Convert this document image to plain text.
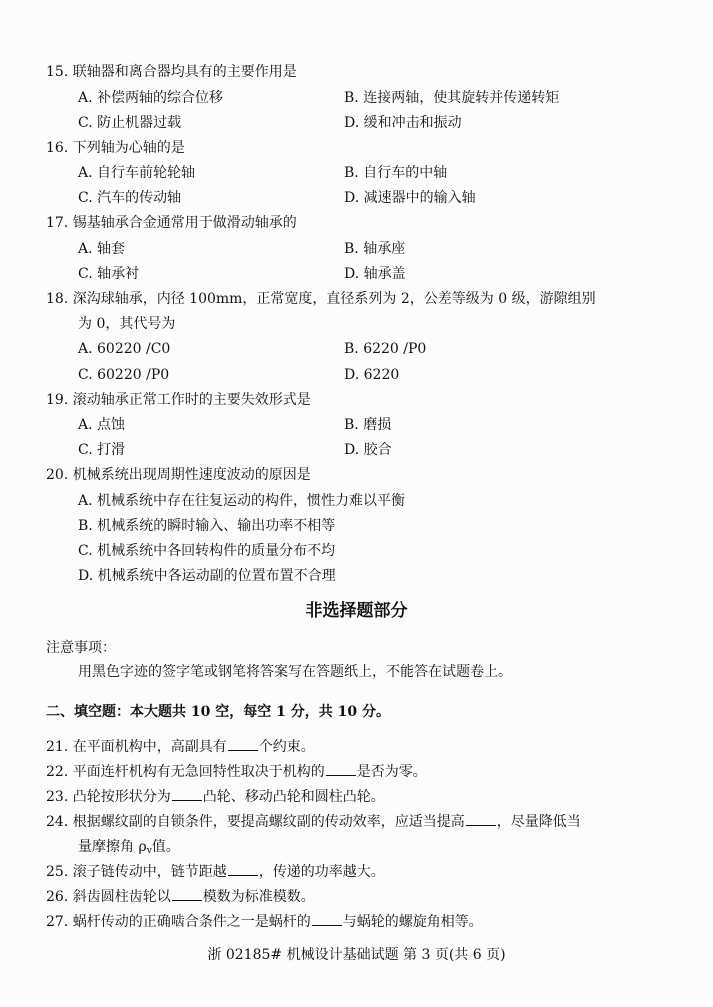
15. 联轴器和离合器均具有的主要作用是
A. 补偿两轴的综合位移	B. 连接两轴，使其旋转并传递转矩
C. 防止机器过载	D. 缓和冲击和振动
16. 下列轴为心轴的是
A. 自行车前轮轮轴	B. 自行车的中轴
C. 汽车的传动轴	D. 减速器中的输入轴
17. 锡基轴承合金通常用于做滑动轴承的
A. 轴套	B. 轴承座
C. 轴承衬	D. 轴承盖
18. 深沟球轴承，内径 100mm，正常宽度，直径系列为 2，公差等级为 0 级，游隙组别
为 0，其代号为
A. 60220 /C0	B. 6220 /P0
C. 60220 /P0	D. 6220
19. 滚动轴承正常工作时的主要失效形式是
A. 点蚀	B. 磨损
C. 打滑	D. 胶合
20. 机械系统出现周期性速度波动的原因是
A. 机械系统中存在往复运动的构件，惯性力难以平衡
B. 机械系统的瞬时输入、输出功率不相等
C. 机械系统中各回转构件的质量分布不均
D. 机械系统中各运动副的位置布置不合理
非选择题部分
注意事项：
用黑色字迹的签字笔或钢笔将答案写在答题纸上，不能答在试题卷上。
二、填空题：本大题共 10 空，每空 1 分，共 10 分。
21. 在平面机构中，高副具有 个约束。
22. 平面连杆机构有无急回特性取决于机构的 是否为零。
23. 凸轮按形状分为 凸轮、移动凸轮和圆柱凸轮。
24. 根据螺纹副的自锁条件，要提高螺纹副的传动效率，应适当提高 ，尽量降低当
量摩擦角 $\rho_v$值。
25. 滚子链传动中，链节距越 ，传递的功率越大。
26. 斜齿圆柱齿轮以 模数为标准模数。
27. 蜗杆传动的正确啮合条件之一是蜗杆的 与蜗轮的螺旋角相等。
浙 02185# 机械设计基础试题 第 3 页(共 6 页)
